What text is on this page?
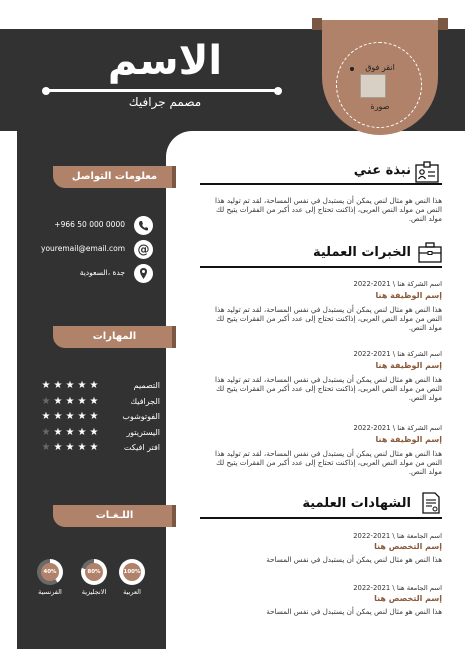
الاسم
مصمم جرافيك
انقر فوق
صورة
معلومات التواصل
+966 50 000 0000
youremail@email.com @
جدة ،السعودية
المهارات
★ ★ ★ ★ ★	التصميم
★ ★ ★ ★ ★	الجرافيك
★ ★ ★ ★ ★	الفوتوشوب
★ ★ ★ ★ ★	اليستريتور
★ ★ ★ ★ ★	افتر افيكت
اللـغـات
100%
العربية
80%
الانجليزية
40%
الفرنسية
نبذة عني
هذا النص هو مثال لنص يمكن أن يستبدل في نفس المساحة، لقد تم توليد هذا النص من مولد النص العربى، إذاكنت تحتاج إلى عدد أكبر من الفقرات يتيح لك مولد النص.
الخبرات العملية
اسم الشركة هنا \ 2021-2022
إسم الوظيفة هنا
هذا النص هو مثال لنص يمكن أن يستبدل في نفس المساحة، لقد تم توليد هذا النص من مولد النص العربى، إذاكنت تحتاج إلى عدد أكبر من الفقرات يتيح لك مولد النص.
اسم الشركة هنا \ 2021-2022
إسم الوظيفة هنا
هذا النص هو مثال لنص يمكن أن يستبدل في نفس المساحة، لقد تم توليد هذا النص من مولد النص العربى، إذاكنت تحتاج إلى عدد أكبر من الفقرات يتيح لك مولد النص.
اسم الشركة هنا \ 2021-2022
إسم الوظيفة هنا
هذا النص هو مثال لنص يمكن أن يستبدل في نفس المساحة، لقد تم توليد هذا النص من مولد النص العربى، إذاكنت تحتاج إلى عدد أكبر من الفقرات يتيح لك مولد النص.
الشهادات العلمية
اسم الجامعة هنا \ 2021-2022
إسم التخصص هنا
هذا النص هو مثال لنص يمكن أن يستبدل في نفس المساحة
اسم الجامعة هنا \ 2021-2022
إسم التخصص هنا
هذا النص هو مثال لنص يمكن أن يستبدل في نفس المساحة
